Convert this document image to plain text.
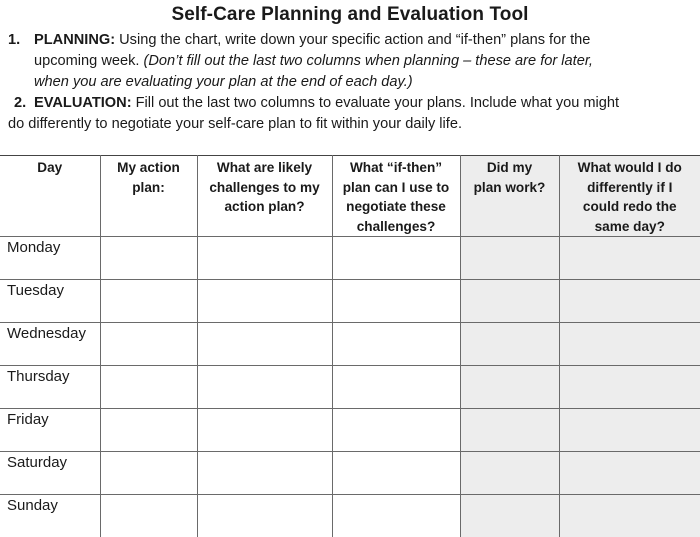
Self-Care Planning and Evaluation Tool
1. PLANNING: Using the chart, write down your specific action and “if-then” plans for the
upcoming week. (Don’t fill out the last two columns when planning – these are for later,
when you are evaluating your plan at the end of each day.)
2. EVALUATION: Fill out the last two columns to evaluate your plans. Include what you might
do differently to negotiate your self-care plan to fit within your daily life.
Day	My action
plan:	What are likely
challenges to my
action plan?	What “if-then”
plan can I use to
negotiate these
challenges?	Did my
plan work?	What would I do
differently if I
could redo the
same day?

Monday					
Tuesday					
Wednesday					
Thursday					
Friday					
Saturday					
Sunday					
